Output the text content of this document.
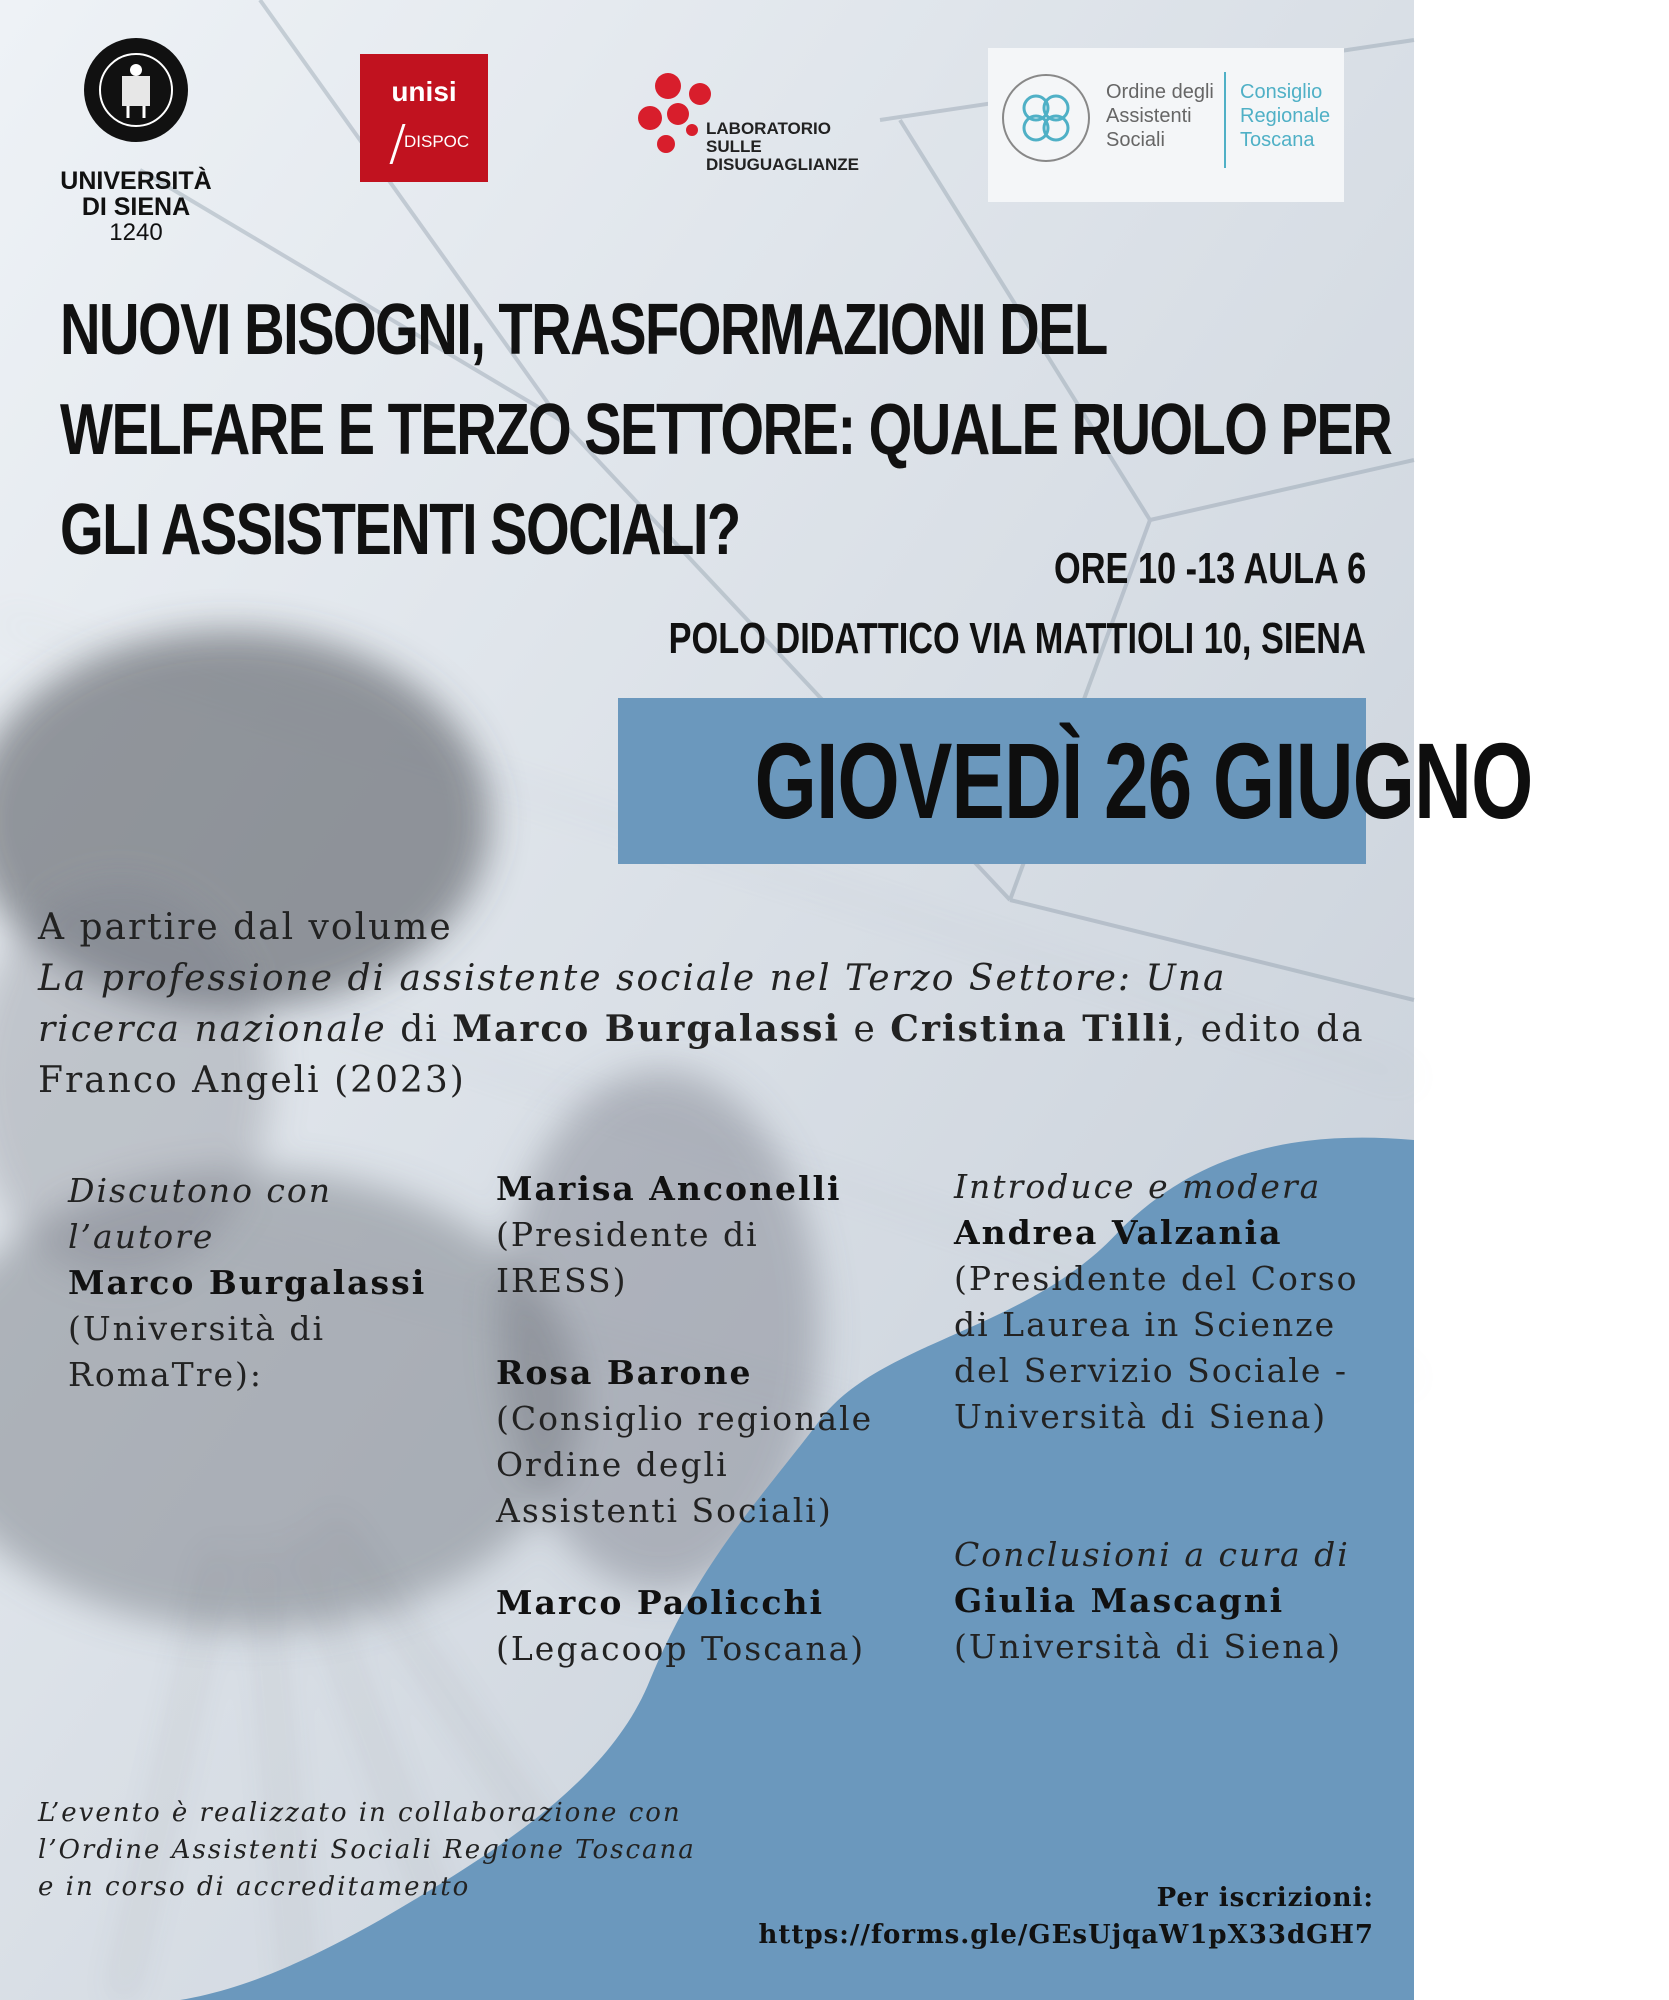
UNIVERSITÀ
DI SIENA
1240
unisi
DISPOC
LABORATORIO
SULLE
DISUGUAGLIANZE
Ordine degli
Assistenti
Sociali
Consiglio
Regionale
Toscana
NUOVI BISOGNI, TRASFORMAZIONI DEL
WELFARE E TERZO SETTORE: QUALE RUOLO PER
GLI ASSISTENTI SOCIALI?	ORE 10 -13 AULA 6
POLO DIDATTICO VIA MATTIOLI 10, SIENA
GIOVEDÌ 26 GIUGNO
A partire dal volume
La professione di assistente sociale nel Terzo Settore: Una ricerca nazionale di Marco Burgalassi e Cristina Tilli, edito da Franco Angeli (2023)
Discutono con l’autore
Marco Burgalassi
(Università di RomaTre):
Marisa Anconelli
(Presidente di IRESS)
Rosa Barone
(Consiglio regionale Ordine degli Assistenti Sociali)
Marco Paolicchi
(Legacoop Toscana)
Introduce e modera
Andrea Valzania
(Presidente del Corso di Laurea in Scienze del Servizio Sociale - Università di Siena)
Conclusioni a cura di
Giulia Mascagni
(Università di Siena)
L’evento è realizzato in collaborazione con
l’Ordine Assistenti Sociali Regione Toscana
e in corso di accreditamento	Per iscrizioni:
https://forms.gle/GEsUjqaW1pX33dGH7
